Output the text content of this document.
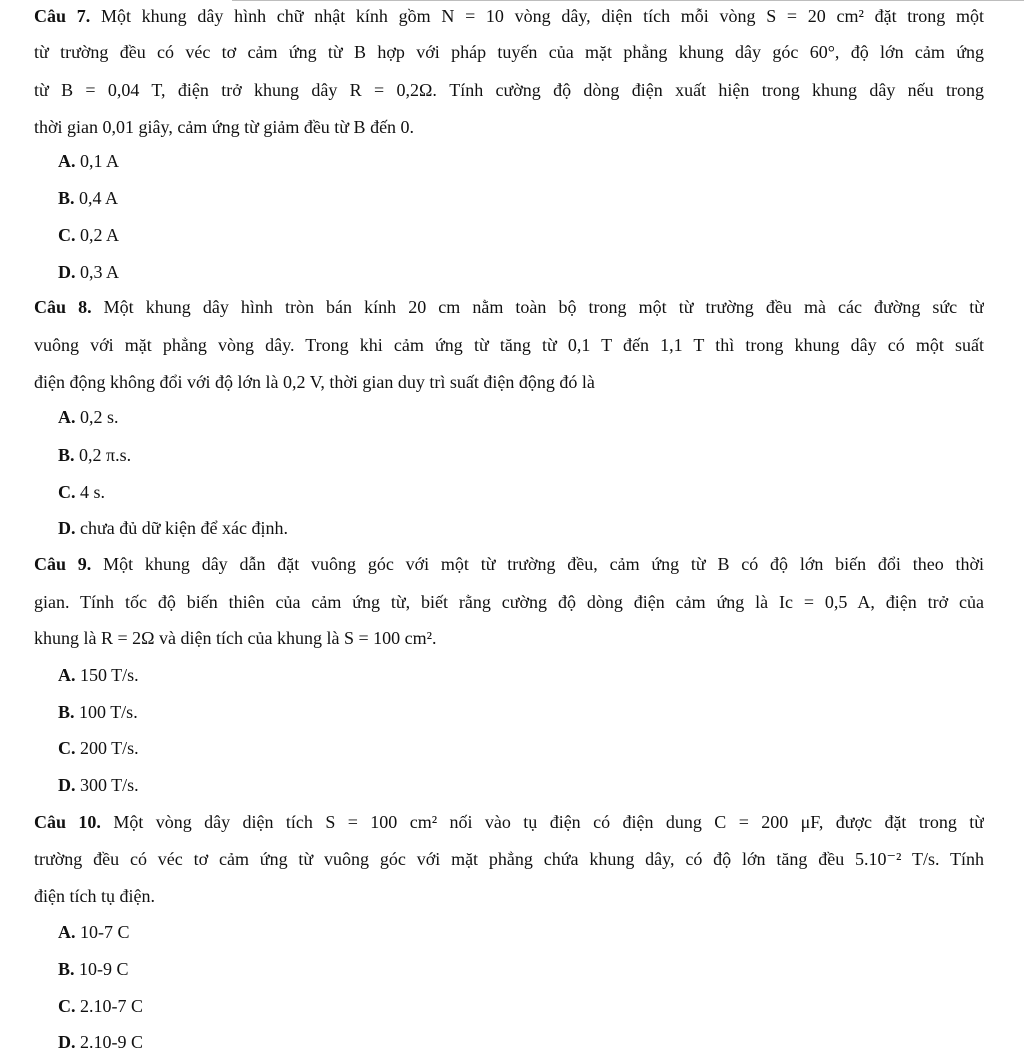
Câu 7. Một khung dây hình chữ nhật kính gồm N = 10 vòng dây, diện tích mỗi vòng S = 20 cm² đặt trong một
từ trường đều có véc tơ cảm ứng từ B hợp với pháp tuyến của mặt phẳng khung dây góc 60°, độ lớn cảm ứng
từ B = 0,04 T, điện trở khung dây R = 0,2Ω. Tính cường độ dòng điện xuất hiện trong khung dây nếu trong
thời gian 0,01 giây, cảm ứng từ giảm đều từ B đến 0.
A. 0,1 A
B. 0,4 A
C. 0,2 A
D. 0,3 A
Câu 8. Một khung dây hình tròn bán kính 20 cm nằm toàn bộ trong một từ trường đều mà các đường sức từ
vuông với mặt phẳng vòng dây. Trong khi cảm ứng từ tăng từ 0,1 T đến 1,1 T thì trong khung dây có một suất
điện động không đổi với độ lớn là 0,2 V, thời gian duy trì suất điện động đó là
A. 0,2 s.
B. 0,2 π.s.
C. 4 s.
D. chưa đủ dữ kiện để xác định.
Câu 9. Một khung dây dẫn đặt vuông góc với một từ trường đều, cảm ứng từ B có độ lớn biến đổi theo thời
gian. Tính tốc độ biến thiên của cảm ứng từ, biết rằng cường độ dòng điện cảm ứng là Ic = 0,5 A, điện trở của
khung là R = 2Ω và diện tích của khung là S = 100 cm².
A. 150 T/s.
B. 100 T/s.
C. 200 T/s.
D. 300 T/s.
Câu 10. Một vòng dây diện tích S = 100 cm² nối vào tụ điện có điện dung C = 200 μF, được đặt trong từ
trường đều có véc tơ cảm ứng từ vuông góc với mặt phẳng chứa khung dây, có độ lớn tăng đều 5.10⁻² T/s. Tính
điện tích tụ điện.
A. 10-7 C
B. 10-9 C
C. 2.10-7 C
D. 2.10-9 C
